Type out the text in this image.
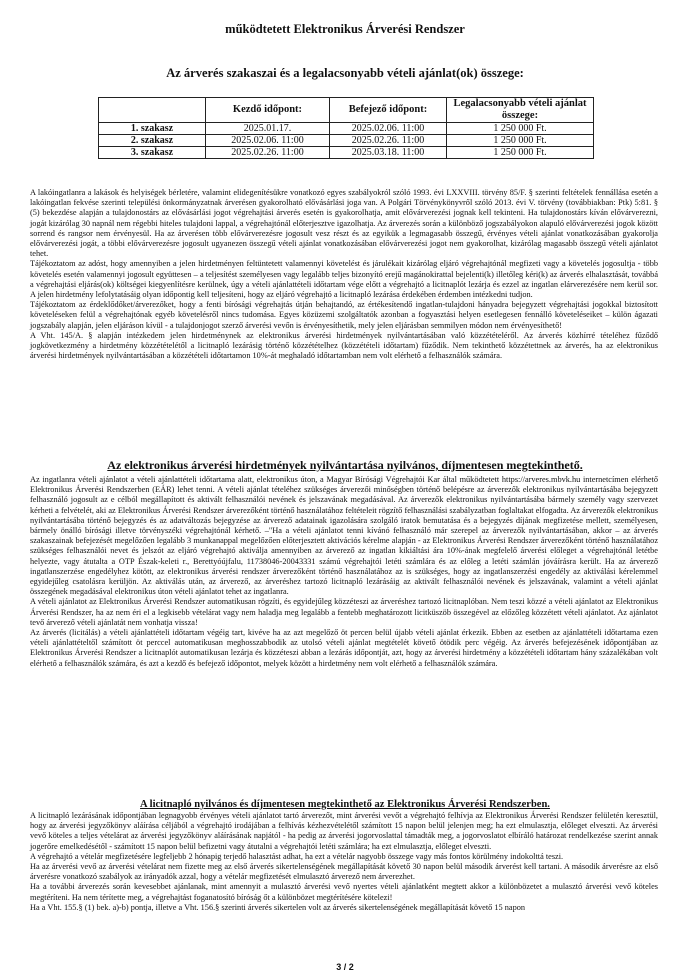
működtetett Elektronikus Árverési Rendszer

Az árverés szakaszai és a legalacsonyabb vételi ajánlat(ok) összege:

	Kezdő időpont:	Befejező időpont:	Legalacsonyabb vételi ajánlat összege:
1. szakasz	2025.01.17.	2025.02.06. 11:00	1 250 000 Ft.
2. szakasz	2025.02.06. 11:00	2025.02.26. 11:00	1 250 000 Ft.
3. szakasz	2025.02.26. 11:00	2025.03.18. 11:00	1 250 000 Ft.

A lakóingatlanra a lakások és helyiségek bérletére, valamint elidegenítésükre vonatkozó egyes szabályokról szóló 1993. évi LXXVIII. törvény 85/F. § szerinti feltételek fennállása esetén a lakóingatlan fekvése szerinti települési önkormányzatnak árverésen gyakorolható elővásárlási joga van. A Polgári Törvénykönyvről szóló 2013. évi V. törvény (továbbiakban: Ptk) 5:81. § (5) bekezdése alapján a tulajdonostárs az elővásárlási jogot végrehajtási árverés esetén is gyakorolhatja, amit elővárverezési jognak kell tekinteni. Ha tulajdonostárs kíván elővárverezni, jogát kizárólag 30 napnál nem régebbi hiteles tulajdoni lappal, a végrehajtónál előterjesztve igazolhatja. Az árverezés során a különböző jogszabályokon alapuló elővárverezési jogok között sorrend és rangsor nem érvényesül. Ha az árverésen több elővárverezésre jogosult vesz részt és az egyikük a legmagasabb összegű, érvényes vételi ajánlat vonatkozásában gyakorolja elővárverezési jogát, a többi elővárverezésre jogosult ugyanezen összegű vételi ajánlat vonatkozásában elővárverezési jogot nem gyakorolhat, kizárólag magasabb összegű vételi ajánlatot tehet.

Tájékoztatom az adóst, hogy amennyiben a jelen hirdetményen feltüntetett valamennyi követelést és járulékait kizárólag eljáró végrehajtónál megfizeti vagy a követelés jogosultja - több követelés esetén valamennyi jogosult együttesen – a teljesítést személyesen vagy legalább teljes bizonyító erejű magánokirattal bejelenti(k) illetőleg kéri(k) az árverés elhalasztását, továbbá a végrehajtási eljárás(ok) költségei kiegyenlítésre kerülnek, úgy a vételi ajánlattételi időtartam vége előtt a végrehajtó a licitnaplót lezárja és ezzel az ingatlan elárverezésére nem kerül sor. A jelen hirdetmény lefolytatásáig olyan időpontig kell teljesíteni, hogy az eljáró végrehajtó a licitnapló lezárása érdekében érdemben intézkedni tudjon.

Tájékoztatom az érdeklődőket/árverezőket, hogy a fenti bírósági végrehajtás útján behajtandó, az értékesítendő ingatlan-tulajdoni hányadra bejegyzett végrehajtási jogokkal biztosított követeléseken felül a végrehajtónak egyéb követelésről nincs tudomása. Egyes közüzemi szolgáltatók azonban a fogyasztási helyen esetlegesen fennálló követeléseiket – külön ágazati jogszabály alapján, jelen eljáráson kívül - a tulajdonjogot szerző árverési vevőn is érvényesíthetik, mely jelen eljárásban semmilyen módon nem érvényesíthető!

A Vht. 145/A. § alapján intézkedem jelen hirdetménynek az elektronikus árverési hirdetmények nyilvántartásában való közzétételéről. Az árverés közhírré tételéhez fűződő jogkövetkezmény a hirdetmény közzétételétől a licitnapló lezárásig történő közzétételhez (közzétételi időtartam) fűződik. Nem tekinthető közzétettnek az árverés, ha az elektronikus árverési hirdetmények nyilvántartásában a közzétételi időtartamon 10%-át meghaladó időtartamban nem volt elérhető a felhasználók számára.

Az elektronikus árverési hirdetmények nyilvántartása nyilvános, díjmentesen megtekinthető.

Az ingatlanra vételi ajánlatot a vételi ajánlattételi időtartama alatt, elektronikus úton, a Magyar Bírósági Végrehajtói Kar által működtetett https://arveres.mbvk.hu internetcímen elérhető Elektronikus Árverési Rendszerben (EÁR) lehet tenni. A vételi ajánlat tételéhez szükséges árverezői minőségben történő belépésre az árverezők elektronikus nyilvántartásába bejegyzett felhasználó jogosult az e célból megállapított és aktivált felhasználói nevének és jelszavának megadásával. Az árverezők elektronikus nyilvántartásába bármely személy vagy szervezet kérheti a felvételét, aki az Elektronikus Árverési Rendszer árverezőként történő használatához feltételeit rögzítő felhasználási szabályzatban foglaltakat elfogadta. Az árverezők elektronikus nyilvántartásába történő bejegyzés és az adatváltozás bejegyzése az árverező adatainak igazolására szolgáló iratok bemutatása és a bejegyzés díjának megfizetése mellett, személyesen, bármely önálló bírósági illetve törvényszéki végrehajtónál kérhető. –"Ha a vételi ajánlatot tenni kívánó felhasználó már szerepel az árverezők nyilvántartásában, akkor – az árverés szakaszainak befejezését megelőzően legalább 3 munkanappal megelőzően előterjesztett aktivációs kérelme alapján - az Elektronikus Árverési Rendszer árverezőként történő használatához szükséges felhasználói nevet és jelszót az eljáró végrehajtó aktiválja amennyiben az árverező az ingatlan kikiáltási ára 10%-ának megfelelő árverési előleget a végrehajtónál letétbe helyezte, vagy átutalta a OTP Észak-keleti r., Berettyóújfalu, 11738046-20043331 számú végrehajtói letéti számlára és az előleg a letéti számlán jóváírásra került. Ha az árverező ingatlanszerzése engedélyhez kötött, az elektronikus árverési rendszer árverezőként történő használatához az is szükséges, hogy az ingatlanszerzési engedély az aktiválási kérelemmel egyidejűleg csatolásra kerüljön. Az aktiválás után, az árverező, az árveréshez tartozó licitnapló lezárásáig az aktivált felhasználói nevének és jelszavának, valamint a vételi ajánlat összegének megadásával elektronikus úton vételi ajánlatot tehet az ingatlanra.

A vételi ajánlatot az Elektronikus Árverési Rendszer automatikusan rögzíti, és egyidejűleg közzéteszi az árveréshez tartozó licitnaplóban. Nem teszi közzé a vételi ajánlatot az Elektronikus Árverési Rendszer, ha az nem éri el a legkisebb vételárat vagy nem haladja meg legalább a fentebb meghatározott licitküszöb összegével az előzőleg közzétett vételi ajánlatot. Az ajánlatot tevő árverező vételi ajánlatát nem vonhatja vissza!

Az árverés (licitálás) a vételi ajánlattételi időtartam végéig tart, kivéve ha az azt megelőző öt percen belül újabb vételi ajánlat érkezik. Ebben az esetben az ajánlattételi időtartama ezen vételi ajánlattételtől számított öt perccel automatikusan meghosszabbodik az utolsó vételi ajánlat megtételét követő ötödik perc végéig. Az árverés befejezésének időpontjában az Elektronikus Árverési Rendszer a licitnaplót automatikusan lezárja és közzéteszi abban a lezárás időpontját, azt, hogy az árverési hirdetmény a közzétételi időtartam hány százalékában volt elérhető a felhasználók számára, és azt a kezdő és befejező időpontot, melyek között a hirdetmény nem volt elérhető a felhasználók számára.

A licitnapló nyilvános és díjmentesen megtekinthető az Elektronikus Árverési Rendszerben.

A licitnapló lezárásának időpontjában legnagyobb érvényes vételi ajánlatot tartó árverezőt, mint árverési vevőt a végrehajtó felhívja az Elektronikus Árverési Rendszer felületén keresztül, hogy az árverési jegyzőkönyv aláírása céljából a végrehajtó irodájában a felhívás kézhezvételétől számított 15 napon belül jelenjen meg; ha ezt elmulasztja, előleget elveszti. Az árverési vevő köteles a teljes vételárat az árverési jegyzőkönyv aláírásának napjától - ha pedig az árverési jogorvoslattal támadták meg, a jogorvoslatot elbíráló határozat rendelkezése szerint annak jogerőre emelkedésétől - számított 15 napon belül befizetni vagy átutalni a végrehajtói letéti számlára; ha ezt elmulasztja, előleget elveszti.

A végrehajtó a vételár megfizetésére legfeljebb 2 hónapig terjedő halasztást adhat, ha ezt a vételár nagyobb összege vagy más fontos körülmény indokolttá teszi.

Ha az árverési vevő az árverési vételárat nem fizette meg az első árverés sikertelenségének megállapítását követő 30 napon belül második árverést kell tartani. A második árverésre az első árverésre vonatkozó szabályok az irányadók azzal, hogy a vételár megfizetését elmulasztó árverező nem árverezhet.

Ha a további árverezés során kevesebbet ajánlanak, mint amennyit a mulasztó árverési vevő nyertes vételi ajánlatként megtett akkor a különbözetet a mulasztó árverési vevő köteles megtéríteni. Ha nem térítette meg, a végrehajtást foganatosító bíróság őt a különbözet megtérítésére kötelezi!

Ha a Vht. 155.§ (1) bek. a)-b) pontja, illetve a Vht. 156.§ szerinti árverés sikertelen volt az árverés sikertelenségének megállapítását követő 15 napon

3 / 2
